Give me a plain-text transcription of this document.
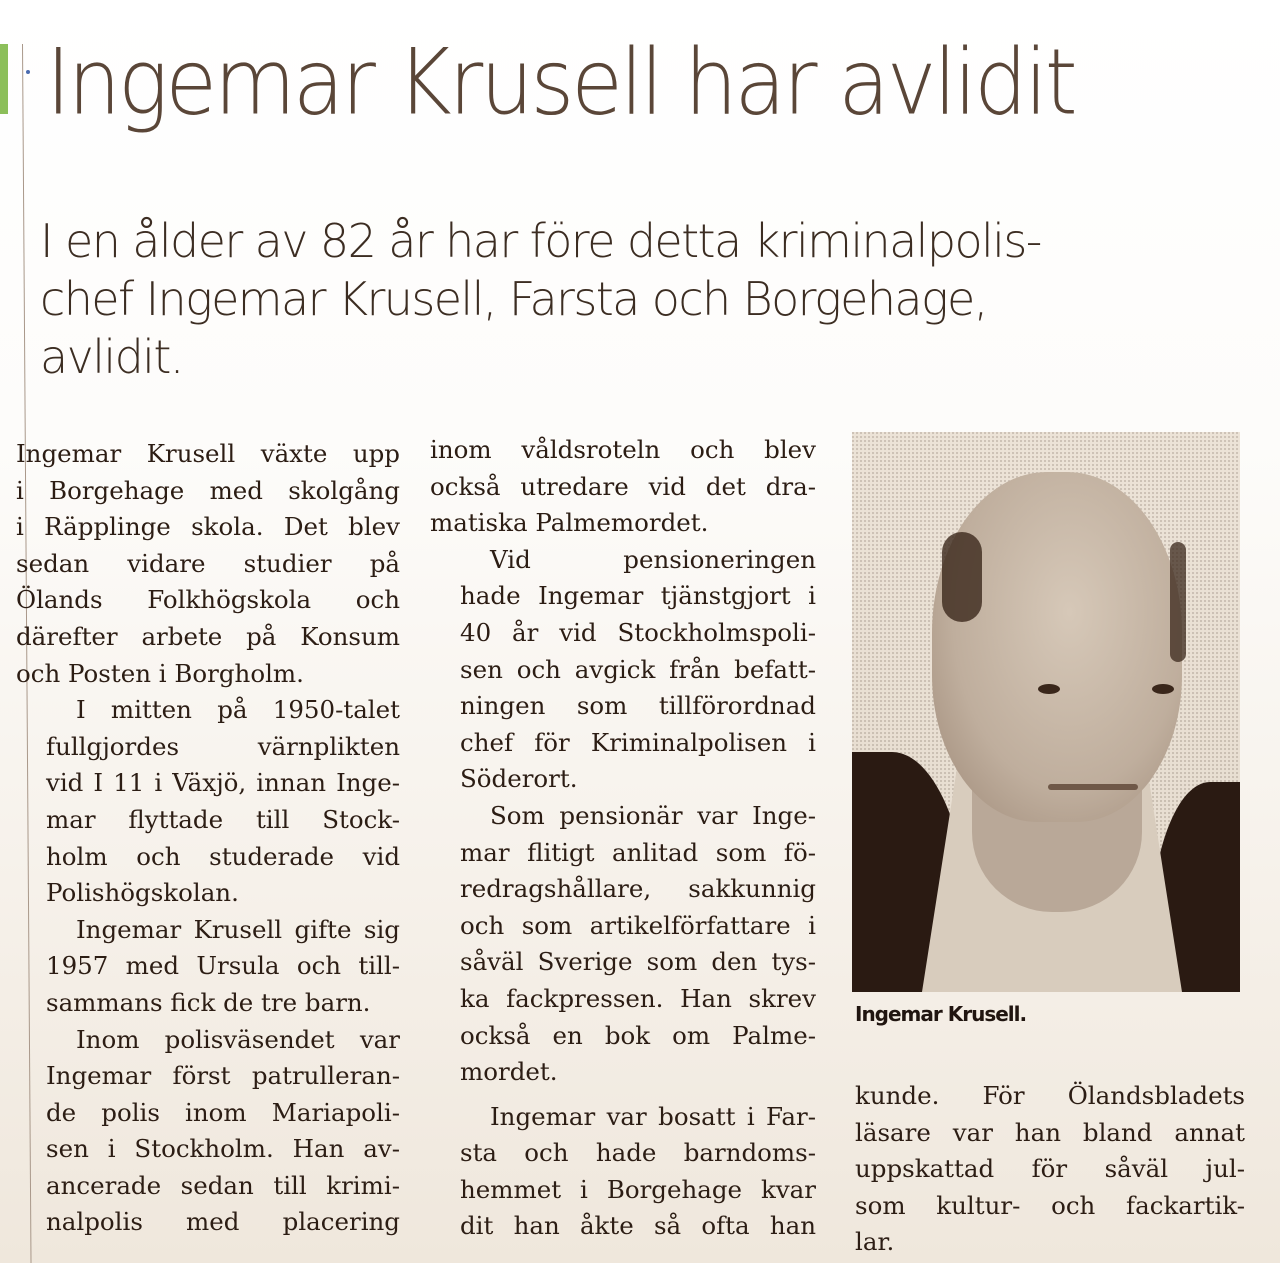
Ingemar Krusell har avlidit

I en ålder av 82 år har före detta kriminalpolis-
chef Ingemar Krusell, Farsta och Borgehage,
avlidit.

Ingemar Krusell växte upp
i Borgehage med skolgång
i Räpplinge skola. Det blev
sedan vidare studier på
Ölands Folkhögskola och
därefter arbete på Konsum
och Posten i Borgholm.

I mitten på 1950-talet
fullgjordes värnplikten
vid I 11 i Växjö, innan Inge-
mar flyttade till Stock-
holm och studerade vid
Polishögskolan.

Ingemar Krusell gifte sig
1957 med Ursula och till-
sammans fick de tre barn.

Inom polisväsendet var
Ingemar först patrulleran-
de polis inom Mariapoli-
sen i Stockholm. Han av-
ancerade sedan till krimi-
nalpolis med placering

inom våldsroteln och blev
också utredare vid det dra-
matiska Palmemordet.

Vid pensioneringen
hade Ingemar tjänstgjort i
40 år vid Stockholmspoli-
sen och avgick från befatt-
ningen som tillförordnad
chef för Kriminalpolisen i
Söderort.

Som pensionär var Inge-
mar flitigt anlitad som fö-
redragshållare, sakkunnig
och som artikelförfattare i
såväl Sverige som den tys-
ka fackpressen. Han skrev
också en bok om Palme-
mordet.

Ingemar var bosatt i Far-
sta och hade barndoms-
hemmet i Borgehage kvar
dit han åkte så ofta han

Ingemar Krusell.

kunde. För Ölandsbladets
läsare var han bland annat
uppskattad för såväl jul-
som kultur- och fackartik-
lar.
